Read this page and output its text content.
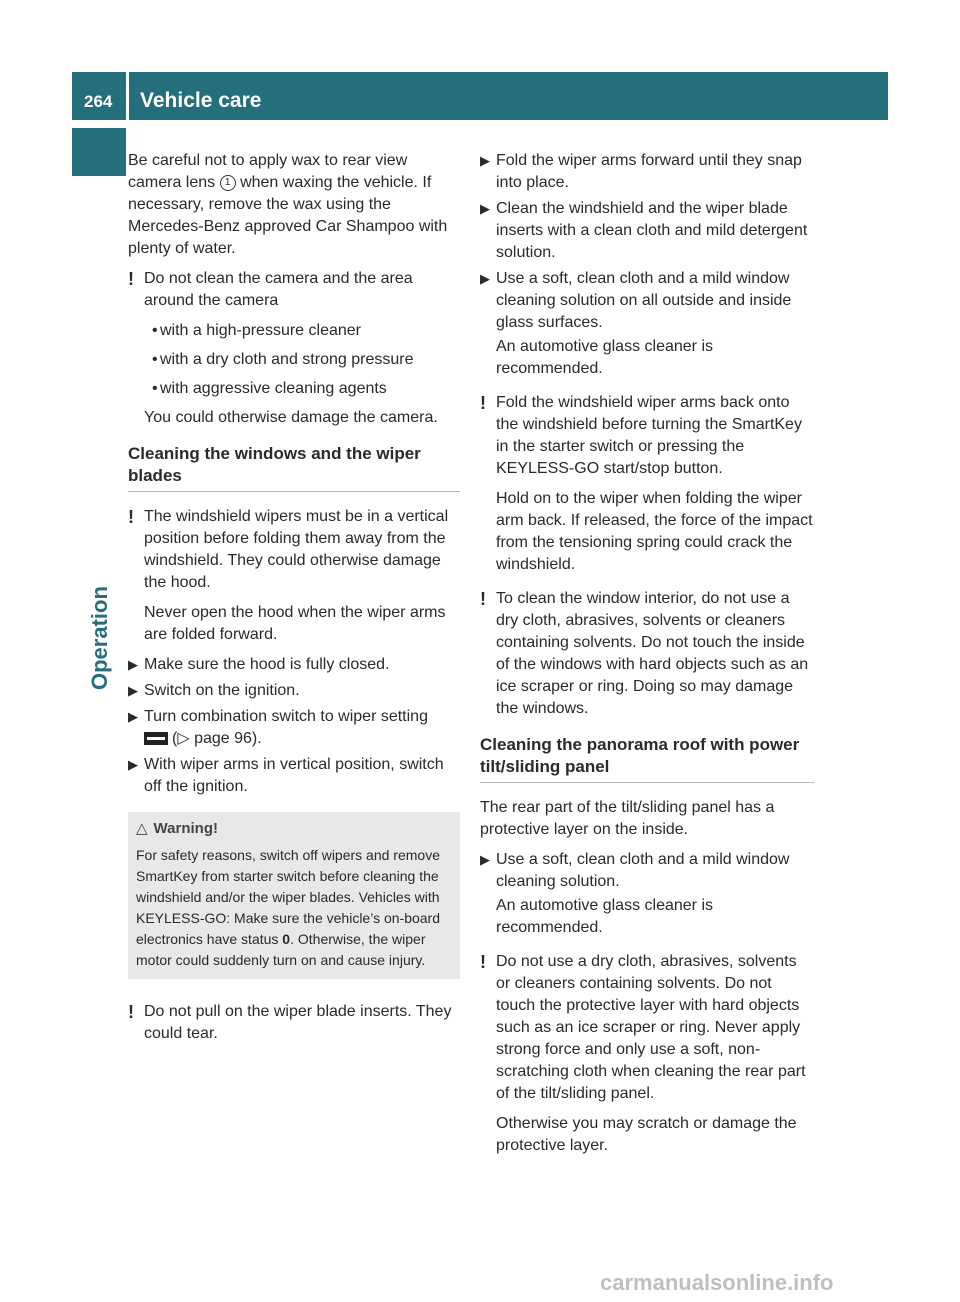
264	Vehicle care
Operation

Be careful not to apply wax to rear view camera lens 1 when waxing the vehicle. If necessary, remove the wax using the Mercedes-Benz approved Car Shampoo with plenty of water.

! Do not clean the camera and the area around the camera

• with a high-pressure cleaner
• with a dry cloth and strong pressure
• with aggressive cleaning agents

You could otherwise damage the camera.

Cleaning the windows and the wiper blades
! The windshield wipers must be in a vertical position before folding them away from the windshield. They could otherwise damage the hood.

Never open the hood when the wiper arms are folded forward.

▶ Make sure the hood is fully closed.
▶ Switch on the ignition.
▶ Turn combination switch to wiper setting
(▷ page 96).
▶ With wiper arms in vertical position, switch off the ignition.
△ Warning!
For safety reasons, switch off wipers and remove SmartKey from starter switch before cleaning the windshield and/or the wiper blades. Vehicles with KEYLESS-GO: Make sure the vehicle’s on-board electronics have status 0. Otherwise, the wiper motor could suddenly turn on and cause injury.
! Do not pull on the wiper blade inserts. They could tear.

▶ Fold the wiper arms forward until they snap into place.
▶ Clean the windshield and the wiper blade inserts with a clean cloth and mild detergent solution.
▶ Use a soft, clean cloth and a mild window cleaning solution on all outside and inside glass surfaces.
An automotive glass cleaner is recommended.
! Fold the windshield wiper arms back onto the windshield before turning the SmartKey in the starter switch or pressing the KEYLESS-GO start/stop button.

Hold on to the wiper when folding the wiper arm back. If released, the force of the impact from the tensioning spring could crack the windshield.

! To clean the window interior, do not use a dry cloth, abrasives, solvents or cleaners containing solvents. Do not touch the inside of the windows with hard objects such as an ice scraper or ring. Doing so may damage the windows.

Cleaning the panorama roof with power tilt/sliding panel

The rear part of the tilt/sliding panel has a protective layer on the inside.

▶ Use a soft, clean cloth and a mild window cleaning solution.
An automotive glass cleaner is recommended.
! Do not use a dry cloth, abrasives, solvents or cleaners containing solvents. Do not touch the protective layer with hard objects such as an ice scraper or ring. Never apply strong force and only use a soft, non-scratching cloth when cleaning the rear part of the tilt/sliding panel.

Otherwise you may scratch or damage the protective layer.

carmanualsonline.info
